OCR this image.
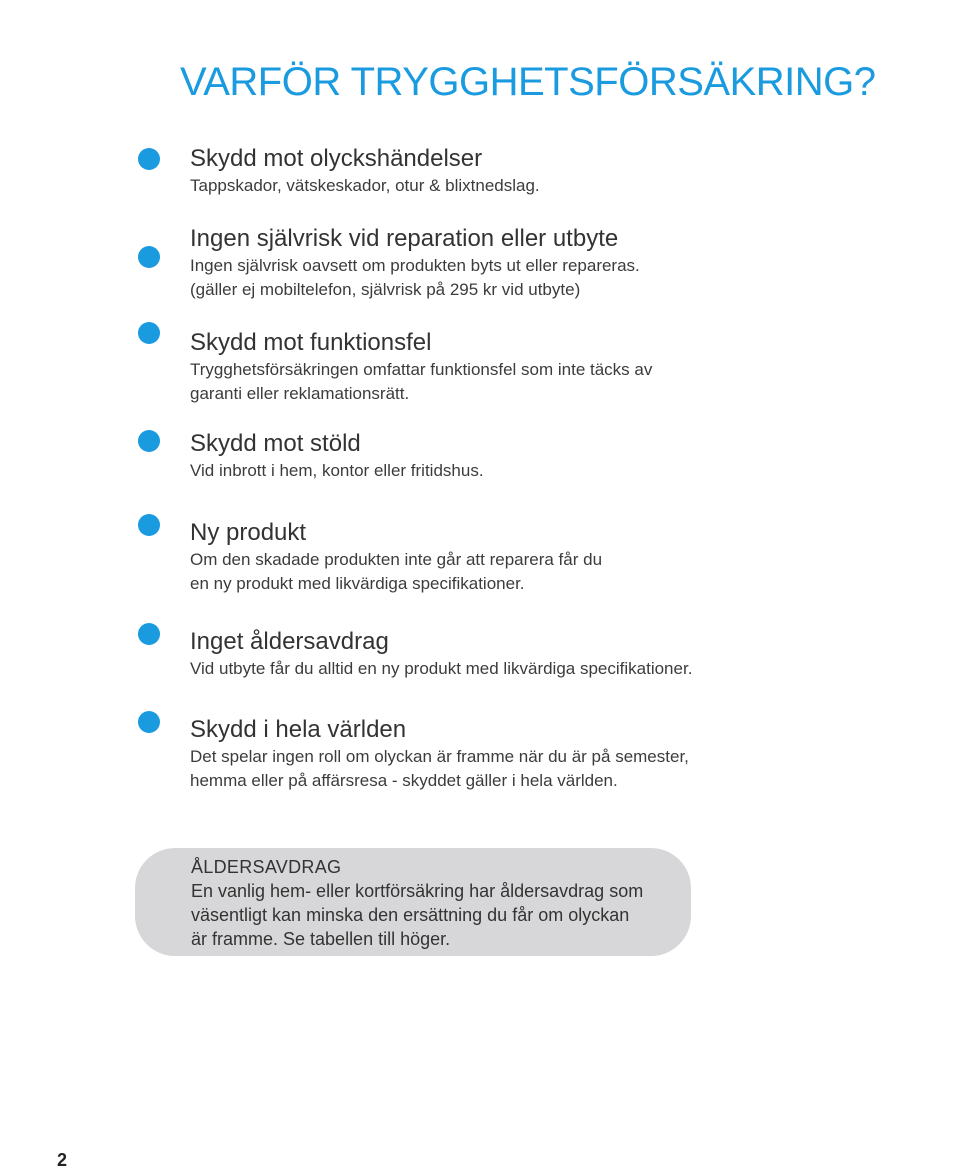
VARFÖR TRYGGHETSFÖRSÄKRING?

Skydd mot olyckshändelser

Tappskador, vätskeskador, otur & blixtnedslag.

Ingen självrisk vid reparation eller utbyte

Ingen självrisk oavsett om produkten byts ut eller repareras.

(gäller ej mobiltelefon, självrisk på 295 kr vid utbyte)

Skydd mot funktionsfel

Trygghetsförsäkringen omfattar funktionsfel som inte täcks av

garanti eller reklamationsrätt.

Skydd mot stöld

Vid inbrott i hem, kontor eller fritidshus.

Ny produkt

Om den skadade produkten inte går att reparera får du

en ny produkt med likvärdiga specifikationer.

Inget åldersavdrag

Vid utbyte får du alltid en ny produkt med likvärdiga specifikationer.

Skydd i hela världen

Det spelar ingen roll om olyckan är framme när du är på semester,

hemma eller på affärsresa - skyddet gäller i hela världen.

ÅLDERSAVDRAG

En vanlig hem- eller kortförsäkring har åldersavdrag som

väsentligt kan minska den ersättning du får om olyckan

är framme. Se tabellen till höger.

2
